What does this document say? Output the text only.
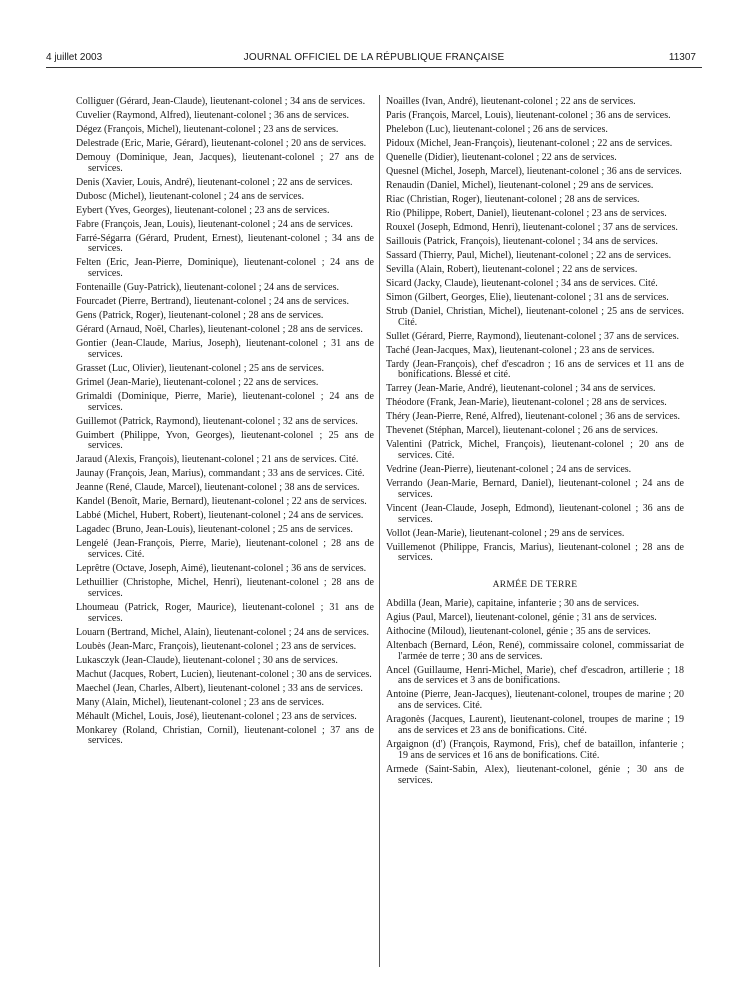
4 juillet 2003	JOURNAL OFFICIEL DE LA RÉPUBLIQUE FRANÇAISE	11307
Colliguer (Gérard, Jean-Claude), lieutenant-colonel ; 34 ans de services.
Cuvelier (Raymond, Alfred), lieutenant-colonel ; 36 ans de services.
Dégez (François, Michel), lieutenant-colonel ; 23 ans de services.
Delestrade (Eric, Marie, Gérard), lieutenant-colonel ; 20 ans de services.
Demouy (Dominique, Jean, Jacques), lieutenant-colonel ; 27 ans de services.
Denis (Xavier, Louis, André), lieutenant-colonel ; 22 ans de services.
Dubosc (Michel), lieutenant-colonel ; 24 ans de services.
Eybert (Yves, Georges), lieutenant-colonel ; 23 ans de services.
Fabre (François, Jean, Louis), lieutenant-colonel ; 24 ans de services.
Farré-Ségarra (Gérard, Prudent, Ernest), lieutenant-colonel ; 34 ans de services.
Felten (Eric, Jean-Pierre, Dominique), lieutenant-colonel ; 24 ans de services.
Fontenaille (Guy-Patrick), lieutenant-colonel ; 24 ans de services.
Fourcadet (Pierre, Bertrand), lieutenant-colonel ; 24 ans de services.
Gens (Patrick, Roger), lieutenant-colonel ; 28 ans de services.
Gérard (Arnaud, Noël, Charles), lieutenant-colonel ; 28 ans de services.
Gontier (Jean-Claude, Marius, Joseph), lieutenant-colonel ; 31 ans de services.
Grasset (Luc, Olivier), lieutenant-colonel ; 25 ans de services.
Grimel (Jean-Marie), lieutenant-colonel ; 22 ans de services.
Grimaldi (Dominique, Pierre, Marie), lieutenant-colonel ; 24 ans de services.
Guillemot (Patrick, Raymond), lieutenant-colonel ; 32 ans de services.
Guimbert (Philippe, Yvon, Georges), lieutenant-colonel ; 25 ans de services.
Jaraud (Alexis, François), lieutenant-colonel ; 21 ans de services. Cité.
Jaunay (François, Jean, Marius), commandant ; 33 ans de services. Cité.
Jeanne (René, Claude, Marcel), lieutenant-colonel ; 38 ans de services.
Kandel (Benoît, Marie, Bernard), lieutenant-colonel ; 22 ans de services.
Labbé (Michel, Hubert, Robert), lieutenant-colonel ; 24 ans de services.
Lagadec (Bruno, Jean-Louis), lieutenant-colonel ; 25 ans de services.
Lengelé (Jean-François, Pierre, Marie), lieutenant-colonel ; 28 ans de services. Cité.
Leprêtre (Octave, Joseph, Aimé), lieutenant-colonel ; 36 ans de services.
Lethuillier (Christophe, Michel, Henri), lieutenant-colonel ; 28 ans de services.
Lhoumeau (Patrick, Roger, Maurice), lieutenant-colonel ; 31 ans de services.
Louarn (Bertrand, Michel, Alain), lieutenant-colonel ; 24 ans de services.
Loubès (Jean-Marc, François), lieutenant-colonel ; 23 ans de services.
Lukasczyk (Jean-Claude), lieutenant-colonel ; 30 ans de services.
Machut (Jacques, Robert, Lucien), lieutenant-colonel ; 30 ans de services.
Maechel (Jean, Charles, Albert), lieutenant-colonel ; 33 ans de services.
Many (Alain, Michel), lieutenant-colonel ; 23 ans de services.
Méhault (Michel, Louis, José), lieutenant-colonel ; 23 ans de services.
Monkarey (Roland, Christian, Cornil), lieutenant-colonel ; 37 ans de services.
Noailles (Ivan, André), lieutenant-colonel ; 22 ans de services.
Paris (François, Marcel, Louis), lieutenant-colonel ; 36 ans de services.
Phelebon (Luc), lieutenant-colonel ; 26 ans de services.
Pidoux (Michel, Jean-François), lieutenant-colonel ; 22 ans de services.
Quenelle (Didier), lieutenant-colonel ; 22 ans de services.
Quesnel (Michel, Joseph, Marcel), lieutenant-colonel ; 36 ans de services.
Renaudin (Daniel, Michel), lieutenant-colonel ; 29 ans de services.
Riac (Christian, Roger), lieutenant-colonel ; 28 ans de services.
Rio (Philippe, Robert, Daniel), lieutenant-colonel ; 23 ans de services.
Rouxel (Joseph, Edmond, Henri), lieutenant-colonel ; 37 ans de services.
Saillouis (Patrick, François), lieutenant-colonel ; 34 ans de services.
Sassard (Thierry, Paul, Michel), lieutenant-colonel ; 22 ans de services.
Sevilla (Alain, Robert), lieutenant-colonel ; 22 ans de services.
Sicard (Jacky, Claude), lieutenant-colonel ; 34 ans de services. Cité.
Simon (Gilbert, Georges, Elie), lieutenant-colonel ; 31 ans de services.
Strub (Daniel, Christian, Michel), lieutenant-colonel ; 25 ans de services. Cité.
Sullet (Gérard, Pierre, Raymond), lieutenant-colonel ; 37 ans de services.
Taché (Jean-Jacques, Max), lieutenant-colonel ; 23 ans de services.
Tardy (Jean-François), chef d'escadron ; 16 ans de services et 11 ans de bonifications. Blessé et cité.
Tarrey (Jean-Marie, André), lieutenant-colonel ; 34 ans de services.
Théodore (Frank, Jean-Marie), lieutenant-colonel ; 28 ans de services.
Théry (Jean-Pierre, René, Alfred), lieutenant-colonel ; 36 ans de services.
Thevenet (Stéphan, Marcel), lieutenant-colonel ; 26 ans de services.
Valentini (Patrick, Michel, François), lieutenant-colonel ; 20 ans de services. Cité.
Vedrine (Jean-Pierre), lieutenant-colonel ; 24 ans de services.
Verrando (Jean-Marie, Bernard, Daniel), lieutenant-colonel ; 24 ans de services.
Vincent (Jean-Claude, Joseph, Edmond), lieutenant-colonel ; 36 ans de services.
Vollot (Jean-Marie), lieutenant-colonel ; 29 ans de services.
Vuillemenot (Philippe, Francis, Marius), lieutenant-colonel ; 28 ans de services.
ARMÉE DE TERRE
Abdilla (Jean, Marie), capitaine, infanterie ; 30 ans de services.
Agius (Paul, Marcel), lieutenant-colonel, génie ; 31 ans de services.
Aithocine (Miloud), lieutenant-colonel, génie ; 35 ans de services.
Altenbach (Bernard, Léon, René), commissaire colonel, commissariat de l'armée de terre ; 30 ans de services.
Ancel (Guillaume, Henri-Michel, Marie), chef d'escadron, artillerie ; 18 ans de services et 3 ans de bonifications.
Antoine (Pierre, Jean-Jacques), lieutenant-colonel, troupes de marine ; 20 ans de services. Cité.
Aragonès (Jacques, Laurent), lieutenant-colonel, troupes de marine ; 19 ans de services et 23 ans de bonifications. Cité.
Argaignon (d') (François, Raymond, Fris), chef de bataillon, infanterie ; 19 ans de services et 16 ans de bonifications. Cité.
Armede (Saint-Sabin, Alex), lieutenant-colonel, génie ; 30 ans de services.
